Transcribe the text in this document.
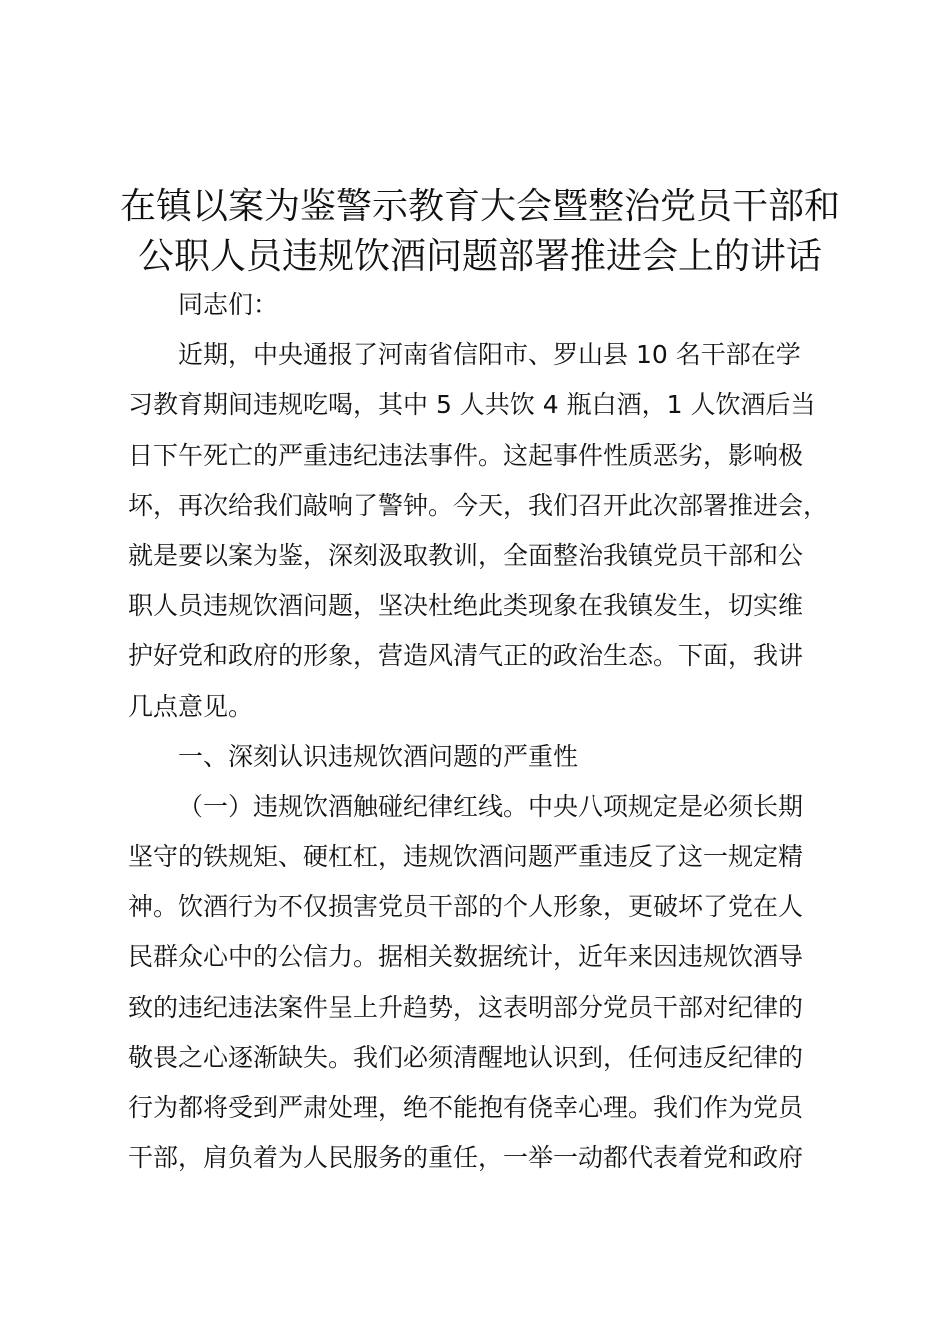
在镇以案为鉴警示教育大会暨整治党员干部和
公职人员违规饮酒问题部署推进会上的讲话
同志们：
近期，中央通报了河南省信阳市、罗山县 10 名干部在学
习教育期间违规吃喝，其中 5 人共饮 4 瓶白酒，1 人饮酒后当
日下午死亡的严重违纪违法事件。这起事件性质恶劣，影响极
坏，再次给我们敲响了警钟。今天，我们召开此次部署推进会，
就是要以案为鉴，深刻汲取教训，全面整治我镇党员干部和公
职人员违规饮酒问题，坚决杜绝此类现象在我镇发生，切实维
护好党和政府的形象，营造风清气正的政治生态。下面，我讲
几点意见。
一、深刻认识违规饮酒问题的严重性
（一）违规饮酒触碰纪律红线。中央八项规定是必须长期
坚守的铁规矩、硬杠杠，违规饮酒问题严重违反了这一规定精
神。饮酒行为不仅损害党员干部的个人形象，更破坏了党在人
民群众心中的公信力。据相关数据统计，近年来因违规饮酒导
致的违纪违法案件呈上升趋势，这表明部分党员干部对纪律的
敬畏之心逐渐缺失。我们必须清醒地认识到，任何违反纪律的
行为都将受到严肃处理，绝不能抱有侥幸心理。我们作为党员
干部，肩负着为人民服务的重任，一举一动都代表着党和政府
